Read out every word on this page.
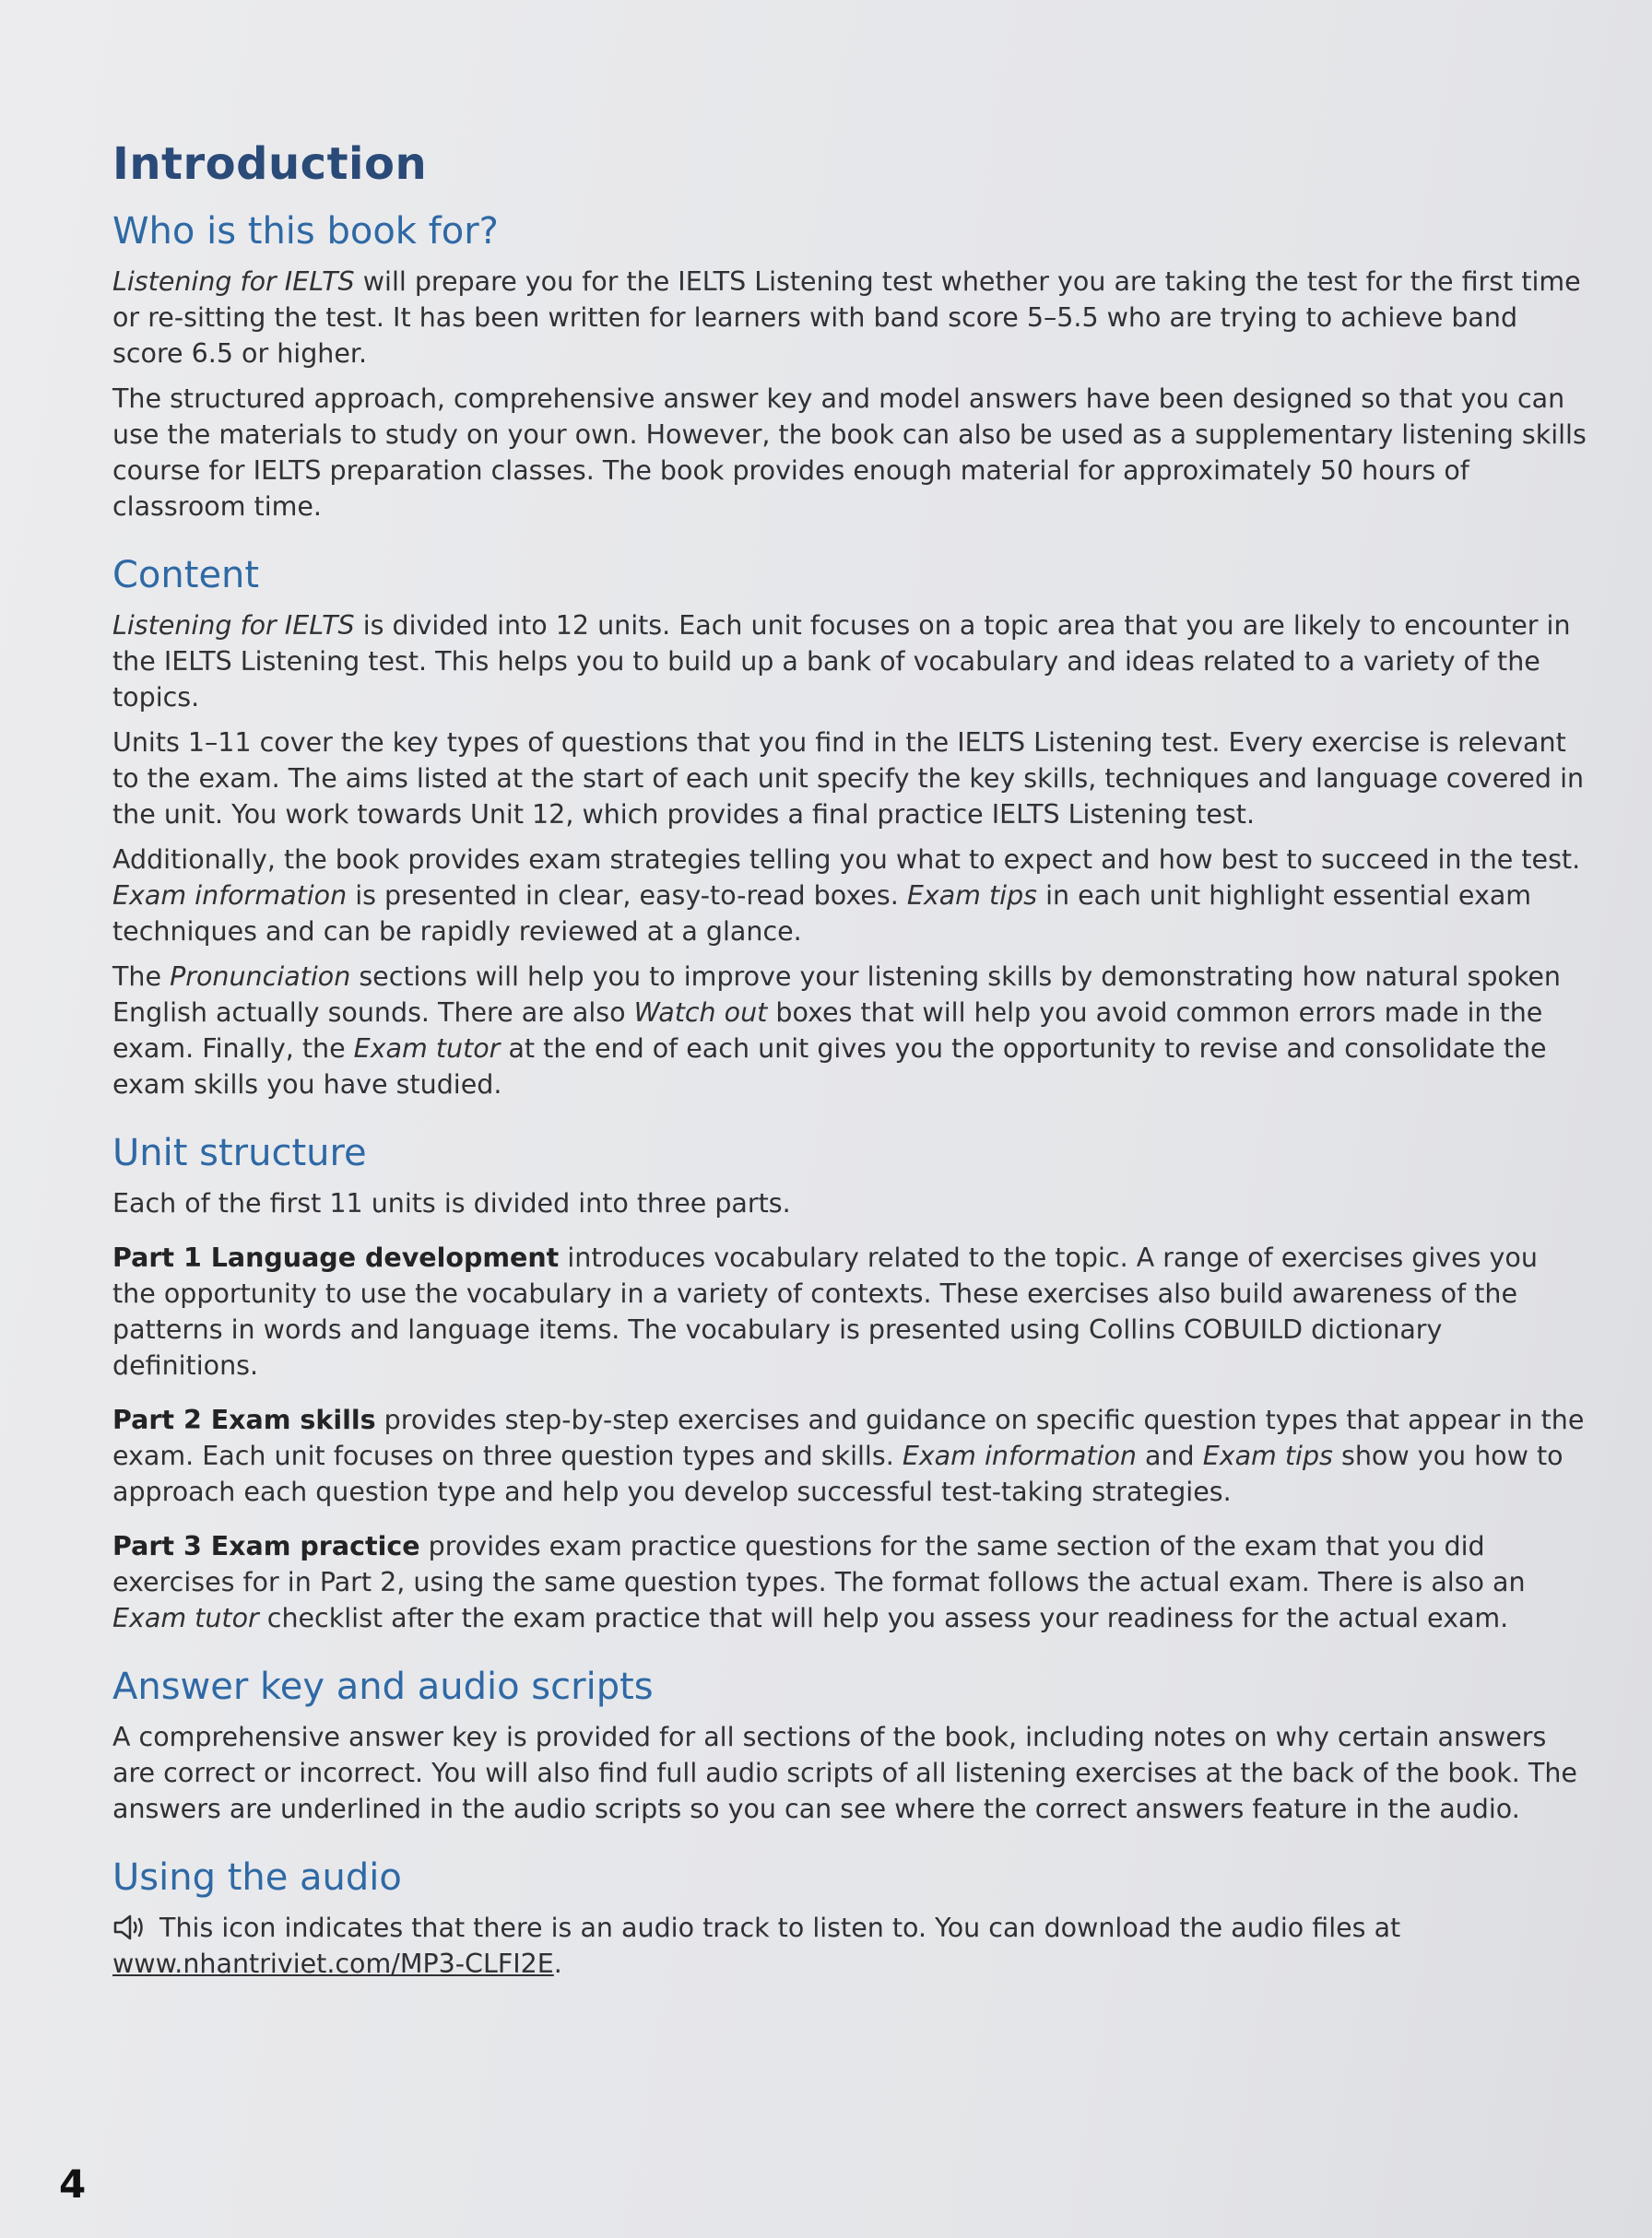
Introduction
Who is this book for?

Listening for IELTS will prepare you for the IELTS Listening test whether you are taking the test for the first time or re-sitting the test. It has been written for learners with band score 5–5.5 who are trying to achieve band score 6.5 or higher.

The structured approach, comprehensive answer key and model answers have been designed so that you can use the materials to study on your own. However, the book can also be used as a supplementary listening skills course for IELTS preparation classes. The book provides enough material for approximately 50 hours of classroom time.

Content

Listening for IELTS is divided into 12 units. Each unit focuses on a topic area that you are likely to encounter in the IELTS Listening test. This helps you to build up a bank of vocabulary and ideas related to a variety of the topics.

Units 1–11 cover the key types of questions that you find in the IELTS Listening test. Every exercise is relevant to the exam. The aims listed at the start of each unit specify the key skills, techniques and language covered in the unit. You work towards Unit 12, which provides a final practice IELTS Listening test.

Additionally, the book provides exam strategies telling you what to expect and how best to succeed in the test. Exam information is presented in clear, easy-to-read boxes. Exam tips in each unit highlight essential exam techniques and can be rapidly reviewed at a glance.

The Pronunciation sections will help you to improve your listening skills by demonstrating how natural spoken English actually sounds. There are also Watch out boxes that will help you avoid common errors made in the exam. Finally, the Exam tutor at the end of each unit gives you the opportunity to revise and consolidate the exam skills you have studied.

Unit structure

Each of the first 11 units is divided into three parts.

Part 1 Language development introduces vocabulary related to the topic. A range of exercises gives you the opportunity to use the vocabulary in a variety of contexts. These exercises also build awareness of the patterns in words and language items. The vocabulary is presented using Collins COBUILD dictionary definitions.

Part 2 Exam skills provides step-by-step exercises and guidance on specific question types that appear in the exam. Each unit focuses on three question types and skills. Exam information and Exam tips show you how to approach each question type and help you develop successful test-taking strategies.

Part 3 Exam practice provides exam practice questions for the same section of the exam that you did exercises for in Part 2, using the same question types. The format follows the actual exam. There is also an Exam tutor checklist after the exam practice that will help you assess your readiness for the actual exam.

Answer key and audio scripts

A comprehensive answer key is provided for all sections of the book, including notes on why certain answers are correct or incorrect. You will also find full audio scripts of all listening exercises at the back of the book. The answers are underlined in the audio scripts so you can see where the correct answers feature in the audio.

Using the audio

This icon indicates that there is an audio track to listen to. You can download the audio files at www.nhantriviet.com/MP3-CLFI2E.

4
